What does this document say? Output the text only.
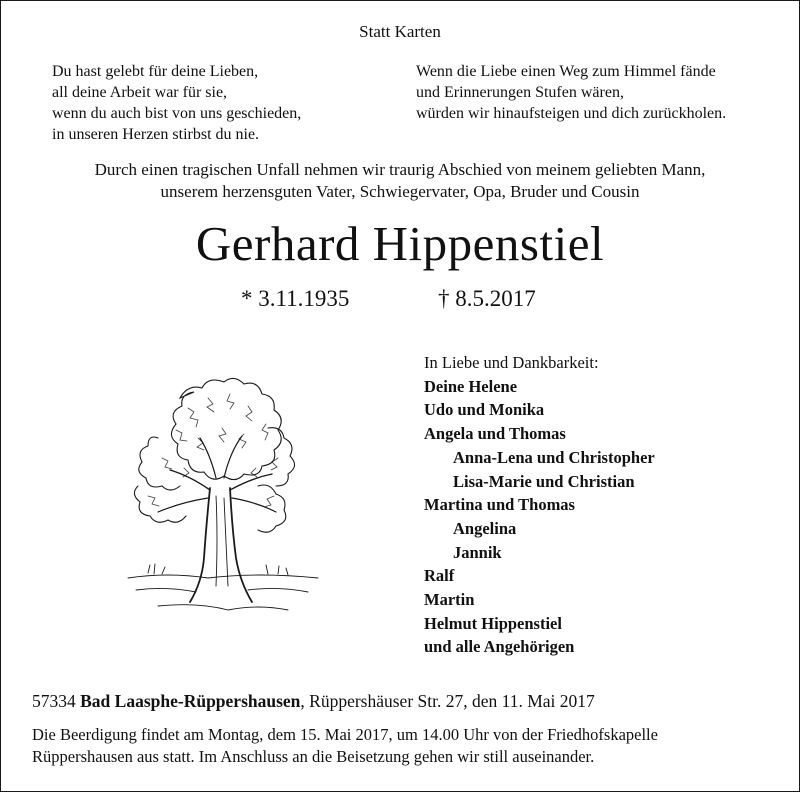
Statt Karten
Du hast gelebt für deine Lieben,
all deine Arbeit war für sie,
wenn du auch bist von uns geschieden,
in unseren Herzen stirbst du nie.
Wenn die Liebe einen Weg zum Himmel fände
und Erinnerungen Stufen wären,
würden wir hinaufsteigen und dich zurückholen.
Durch einen tragischen Unfall nehmen wir traurig Abschied von meinem geliebten Mann,
unserem herzensguten Vater, Schwiegervater, Opa, Bruder und Cousin
Gerhard Hippenstiel
* 3.11.1935	† 8.5.2017
In Liebe und Dankbarkeit:
Deine Helene
Udo und Monika
Angela und Thomas
Anna-Lena und Christopher
Lisa-Marie und Christian
Martina und Thomas
Angelina
Jannik
Ralf
Martin
Helmut Hippenstiel
und alle Angehörigen
57334 Bad Laasphe-Rüppershausen, Rüppershäuser Str. 27, den 11. Mai 2017
Die Beerdigung findet am Montag, dem 15. Mai 2017, um 14.00 Uhr von der Friedhofskapelle
Rüppershausen aus statt. Im Anschluss an die Beisetzung gehen wir still auseinander.
